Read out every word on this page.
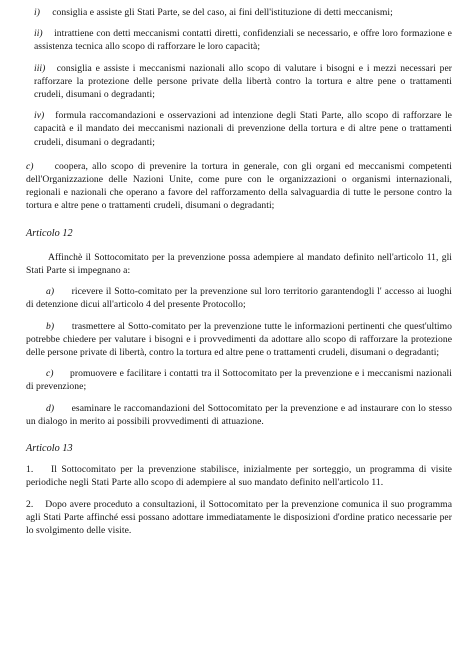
i) consiglia e assiste gli Stati Parte, se del caso, ai fini dell'istituzione di detti meccanismi;

ii) intrattiene con detti meccanismi contatti diretti, confidenziali se necessario, e offre loro formazione e assistenza tecnica allo scopo di rafforzare le loro capacità;

iii) consiglia e assiste i meccanismi nazionali allo scopo di valutare i bisogni e i mezzi necessari per rafforzare la protezione delle persone private della libertà contro la tortura e altre pene o trattamenti crudeli, disumani o degradanti;

iv) formula raccomandazioni e osservazioni ad intenzione degli Stati Parte, allo scopo di rafforzare le capacità e il mandato dei meccanismi nazionali di prevenzione della tortura e di altre pene o trattamenti crudeli, disumani o degradanti;

c) coopera, allo scopo di prevenire la tortura in generale, con gli organi ed meccanismi competenti dell'Organizzazione delle Nazioni Unite, come pure con le organizzazioni o organismi internazionali, regionali e nazionali che operano a favore del rafforzamento della salvaguardia di tutte le persone contro la tortura e altre pene o trattamenti crudeli, disumani o degradanti;

Articolo 12

Affinchè il Sottocomitato per la prevenzione possa adempiere al mandato definito nell'articolo 11, gli Stati Parte si impegnano a:

a) ricevere il Sotto-comitato per la prevenzione sul loro territorio garantendogli l' accesso ai luoghi di detenzione dicui all'articolo 4 del presente Protocollo;

b) trasmettere al Sotto-comitato per la prevenzione tutte le informazioni pertinenti che quest'ultimo potrebbe chiedere per valutare i bisogni e i provvedimenti da adottare allo scopo di rafforzare la protezione delle persone private di libertà, contro la tortura ed altre pene o trattamenti crudeli, disumani o degradanti;

c) promuovere e facilitare i contatti tra il Sottocomitato per la prevenzione e i meccanismi nazionali di prevenzione;

d) esaminare le raccomandazioni del Sottocomitato per la prevenzione e ad instaurare con lo stesso un dialogo in merito ai possibili provvedimenti di attuazione.

Articolo 13

1. Il Sottocomitato per la prevenzione stabilisce, inizialmente per sorteggio, un programma di visite periodiche negli Stati Parte allo scopo di adempiere al suo mandato definito nell'articolo 11.

2. Dopo avere proceduto a consultazioni, il Sottocomitato per la prevenzione comunica il suo programma agli Stati Parte affinché essi possano adottare immediatamente le disposizioni d'ordine pratico necessarie per lo svolgimento delle visite.
